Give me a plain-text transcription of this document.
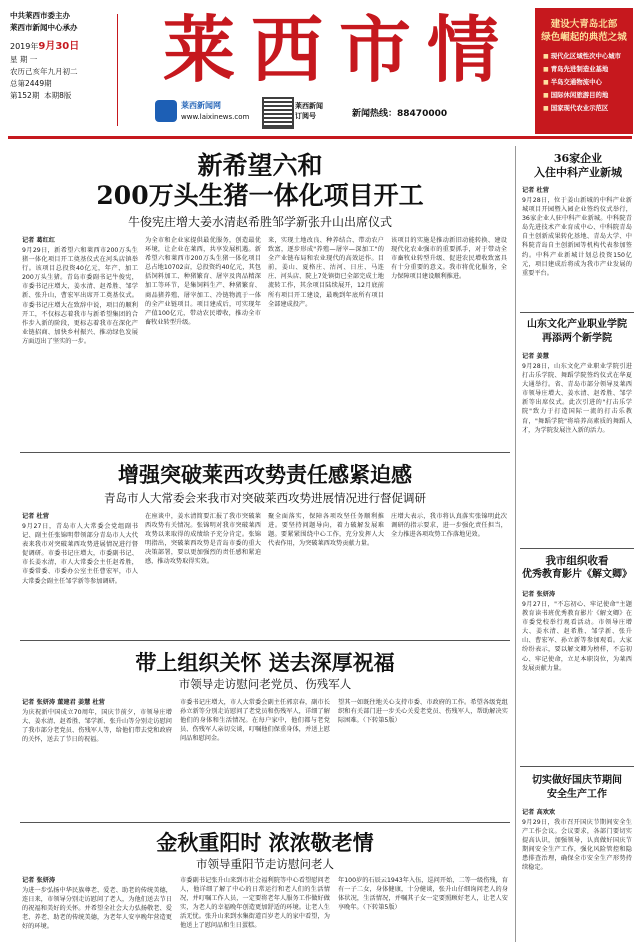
中共莱西市委主办
莱西市新闻中心承办
2019年9月30日
星 期 一
农历己亥年九月初二
总第2449期
第152期 本期8版
莱西市情
莱西新闻网
www.laixinews.com
莱西新闻
订阅号	新闻热线：88470000
建设大青岛北部
绿色崛起的典范之城
■ 现代化区域性次中心城市
■ 青岛先进制造业基地
■ 半岛交通物流中心
■ 国际休闲旅游目的地
■ 国家现代农业示范区
新希望六和
200万头生猪一体化项目开工
牛俊宪庄增大姜水清赵希胜邹学新张升山出席仪式
记者 葛红红
9月29日，新希望六和莱西市200万头生猪一体化项目开工奠基仪式在河头店镇举行。该项目总投资40亿元，年产、加工200万头生猪。青岛市委副书记牛俊宪，市委书记庄增大，姜水清、赵希胜、邹学新、张升山，曹宏军出席开工奠基仪式。市委书记庄增大在致辞中说，项目的顺利开工，不仅标志着我市与新希望集团的合作步入新的阶段，更标志着我市在深化产业链招商、加快乡村振兴、推动绿色发展方面迈出了坚实的一步。
为全市和企业家提供最优服务，创造最优环境，让企业在莱西，共享发展机遇。新希望六和莱西市200万头生猪一体化项目总占地10702亩，总投资约40亿元，其包括饲料加工、种猪繁育、屠宰及肉品精深加工等环节，是集饲料生产、种猪繁育、商品猪养殖、屠宰加工、冷链物流于一体的全产业链项目。项目建成后，可实现年产值100亿元，带动农民增收，推动全市畜牧业转型升级。
来，实现土地改良、种养结合、带动农户致富，逐步形成"养殖—屠宰—深加工"的全产业链布局和农业现代的高效运作。目前，姜山、夏格庄、沽河、日庄、马连庄、河头店、院上7处镇街已全部完成土地流转工作，其余项目陆续展开，12月底前所有项目开工建设，最晚到年底所有项目全部建成投产。
该项目的实施是推动新旧动能转换、建设现代化农业强市的重要抓手，对于带动全市畜牧业转型升级、促进农民增收致富具有十分重要的意义。我市将优化服务，全力保障项目建设顺利推进。
增强突破莱西攻势责任感紧迫感
青岛市人大常委会来我市对突破莱西攻势进展情况进行督促调研
记者 杜营
9月27日，青岛市人大常委会党组副书记、副主任张锦明带领部分青岛市人大代表来我市对突破莱西攻势进展情况进行督促调研。市委书记庄增大，市委副书记、市长姜水清，市人大常委会主任赵希胜，市委常委、市委办公室主任曹宏军，市人大常委会副主任邹学新等参加调研。
在座谈中，姜水清简要汇报了我市突破莱西攻势有关情况。张锦明对我市突破莱西攻势以来取得的成绩给予充分肯定。张锦明指出，突破莱西攻势是青岛市委的重大决策部署，要以更加强烈的责任感和紧迫感，推动攻势取得实效。
聚全面落实，保障各项攻坚任务顺利推进。要坚持问题导向，着力破解发展难题。要紧紧围绕中心工作，充分发挥人大代表作用，为突破莱西攻势贡献力量。
庄增大表示，我市将认真落实张锦明此次调研的指示要求，进一步强化责任担当，全力推进各项攻势工作落地见效。
带上组织关怀 送去深厚祝福
市领导走访慰问老党员、伤残军人
记者 张妍涛 董建君 姜慧 杜营
为庆祝新中国成立70周年，国庆节前夕，市领导庄增大、姜水清、赵希胜、邹学新、张升山等分别走访慰问了我市部分老党员、伤残军人等，给他们带去党和政府的关怀，送去了节日的祝福。
市委书记庄增大，市人大常委会副主任郭京春，副市长孙立新等分别走访慰问了老党员和伤残军人，详细了解他们的身体和生活情况。在每户家中，他们都与老党员、伤残军人亲切交谈，叮嘱他们保重身体，并送上慰问品和慰问金。
望其一如既往地关心支持市委、市政府的工作。希望各级党组织和有关部门进一步关心关爱老党员、伤残军人，帮助解决实际困难。（下转第5版）
金秋重阳时 浓浓敬老情
市领导重阳节走访慰问老人
记者 张妍涛
为进一步弘扬中华民族尊老、爱老、助老的传统美德，连日来，市领导分别走访慰问了老人，为他们送去节日的祝福和美好的关怀。并希望全社会大力弘扬敬老、爱老、养老、助老的传统美德，为老年人安享晚年营造更好的环境。
市委副书记张升山来到市社会福利院等中心看望慰问老人，他详细了解了中心的日常运行和老人们的生活情况，并叮嘱工作人员，一定要将老年人服务工作做好做实，为老人的幸福晚年创造更加舒适的环境。让老人生活无忧。张升山来到水集街道百岁老人的家中看望，为他送上了慰问品和生日蛋糕。
年100岁的石辰云1943年入伍，巡问开始，二等一级伤残，育有一子二女，身体健康，十分健谈，张升山仔细询问老人的身体状况，生活情况，并嘱其子女一定要照顾好老人，让老人安享晚年。（下转第5版）
36家企业
入住中科产业新城
记者 杜营
9月28日，位于姜山新城的中科产业新城项目开园暨入园企业签约仪式举行，36家企业人驻中科产业新城。中科院青岛先进技术产业育成中心、中科院青岛自主创新成果转化基地、青岛大学、中科院青岛自主创新园等机构代表参加签约。中科产业新城计划总投资150亿元，项目建成后将成为我市产业发展的重要平台。
山东文化产业职业学院
再添两个新学院
记者 姜慧
9月28日，山东文化产业职业学院引进打击乐学院、舞蹈学院签约仪式在华夏大通举行。省、青岛市部分领导及莱西市领导庄增大、姜水清、赵希胜、邹学新等出席仪式。此次引进的"打击乐学院"致力于打造国际一流的打击乐教育，"舞蹈学院"将培养高素质的舞蹈人才，为学院发展注入新的活力。
我市组织收看
优秀教育影片《解文卿》
记者 张妍涛
9月27日，"不忘初心、牢记使命"主题教育读书班优秀教育影片《解文卿》在市委党校举行观看活动。市领导庄增大、姜水清、赵希胜、邹学新、张升山、曹宏军、孙立新等参加观看。大家纷纷表示，要以解文卿为榜样，不忘初心、牢记使命，立足本职岗位，为莱西发展贡献力量。
切实做好国庆节期间
安全生产工作
记者 高欢欢
9月29日，我市召开国庆节期间安全生产工作会议。会议要求，各部门要切实提高认识，加强领导，认真做好国庆节期间安全生产工作，强化风险管控和隐患排查治理，确保全市安全生产形势持续稳定。
